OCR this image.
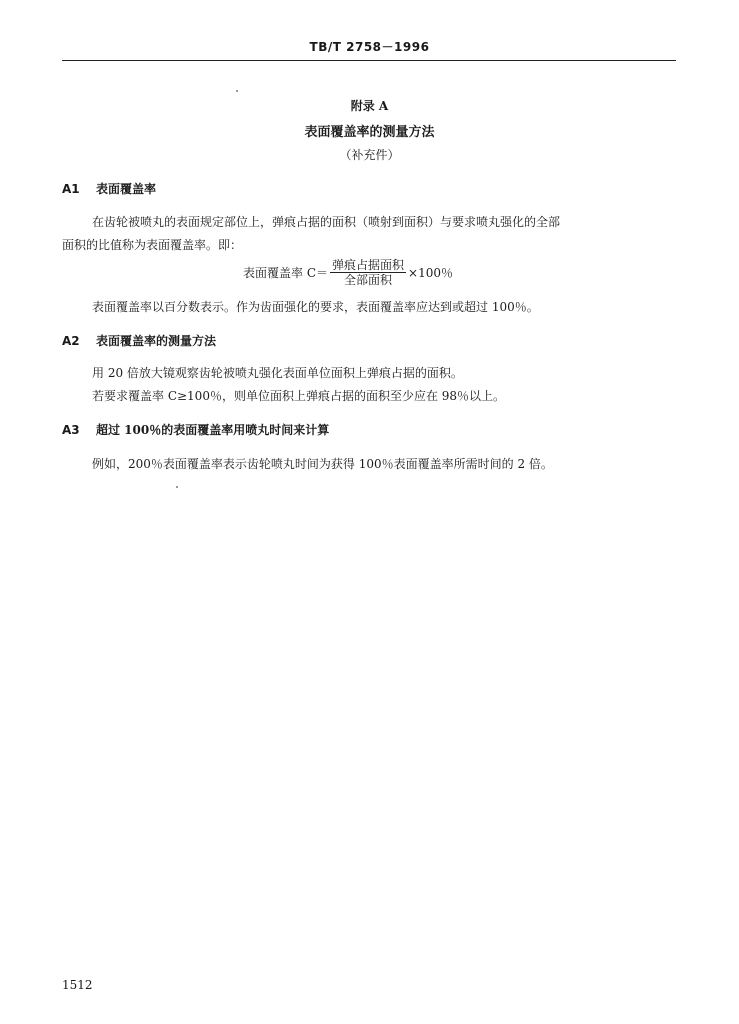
TB/T 2758－1996
附录 A
表面覆盖率的测量方法
（补充件）
A1 表面覆盖率
在齿轮被喷丸的表面规定部位上，弹痕占据的面积（喷射到面积）与要求喷丸强化的全部
面积的比值称为表面覆盖率。即：
表面覆盖率 $C= \frac{\text{弹痕占据面积}}{\text{全部面积}} \times 100$％
表面覆盖率以百分数表示。作为齿面强化的要求，表面覆盖率应达到或超过 100％。
A2 表面覆盖率的测量方法
用 20 倍放大镜观察齿轮被喷丸强化表面单位面积上弹痕占据的面积。
若要求覆盖率 C≥100％，则单位面积上弹痕占据的面积至少应在 98％以上。
A3 超过 100％的表面覆盖率用喷丸时间来计算
例如，200％表面覆盖率表示齿轮喷丸时间为获得 100％表面覆盖率所需时间的 2 倍。
1512
